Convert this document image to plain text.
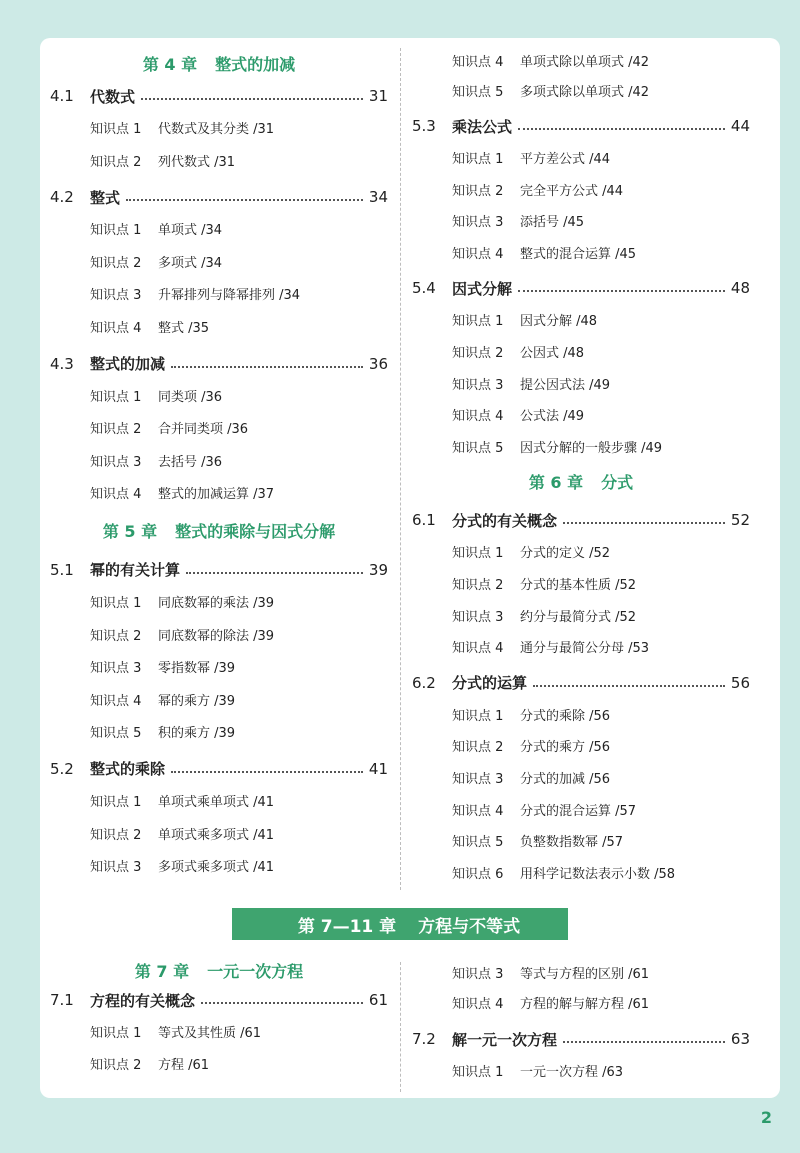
第 4 章 整式的加减
4.1	代数式	31
知识点 1	代数式及其分类 /31
知识点 2	列代数式 /31
4.2	整式	34
知识点 1	单项式 /34
知识点 2	多项式 /34
知识点 3	升幂排列与降幂排列 /34
知识点 4	整式 /35
4.3	整式的加减	36
知识点 1	同类项 /36
知识点 2	合并同类项 /36
知识点 3	去括号 /36
知识点 4	整式的加减运算 /37
第 5 章 整式的乘除与因式分解
5.1	幂的有关计算	39
知识点 1	同底数幂的乘法 /39
知识点 2	同底数幂的除法 /39
知识点 3	零指数幂 /39
知识点 4	幂的乘方 /39
知识点 5	积的乘方 /39
5.2	整式的乘除	41
知识点 1	单项式乘单项式 /41
知识点 2	单项式乘多项式 /41
知识点 3	多项式乘多项式 /41
知识点 4	单项式除以单项式 /42
知识点 5	多项式除以单项式 /42
5.3	乘法公式	44
知识点 1	平方差公式 /44
知识点 2	完全平方公式 /44
知识点 3	添括号 /45
知识点 4	整式的混合运算 /45
5.4	因式分解	48
知识点 1	因式分解 /48
知识点 2	公因式 /48
知识点 3	提公因式法 /49
知识点 4	公式法 /49
知识点 5	因式分解的一般步骤 /49
第 6 章 分式
6.1	分式的有关概念	52
知识点 1	分式的定义 /52
知识点 2	分式的基本性质 /52
知识点 3	约分与最简分式 /52
知识点 4	通分与最简公分母 /53
6.2	分式的运算	56
知识点 1	分式的乘除 /56
知识点 2	分式的乘方 /56
知识点 3	分式的加减 /56
知识点 4	分式的混合运算 /57
知识点 5	负整数指数幂 /57
知识点 6	用科学记数法表示小数 /58
第 7 章 一元一次方程
7.1	方程的有关概念	61
知识点 1	等式及其性质 /61
知识点 2	方程 /61
知识点 3	等式与方程的区别 /61
知识点 4	方程的解与解方程 /61
7.2	解一元一次方程	63
知识点 1	一元一次方程 /63
第 7—11 章 方程与不等式
2
